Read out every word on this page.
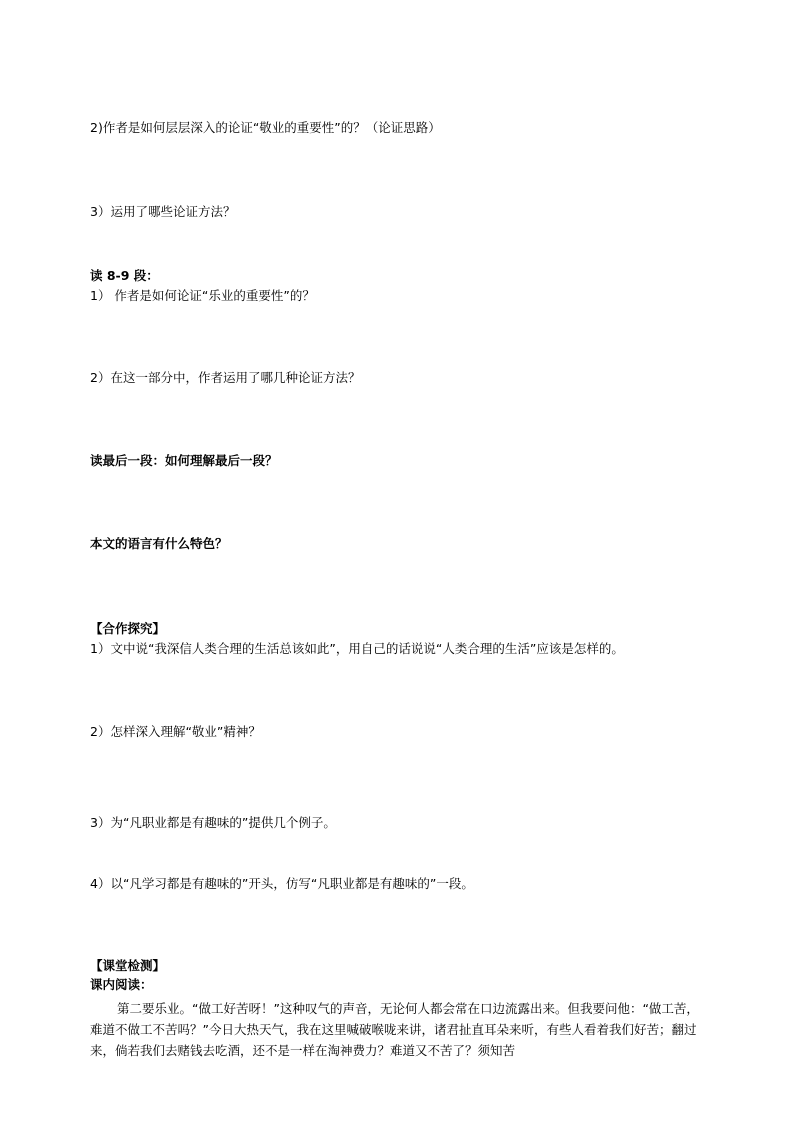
2)作者是如何层层深入的论证“敬业的重要性”的？（论证思路）
3）运用了哪些论证方法？
读 8-9 段：
1） 作者是如何论证“乐业的重要性”的？
2）在这一部分中，作者运用了哪几种论证方法？
读最后一段：如何理解最后一段？
本文的语言有什么特色？
【合作探究】
1）文中说“我深信人类合理的生活总该如此”，用自己的话说说“人类合理的生活”应该是怎样的。
2）怎样深入理解“敬业”精神？
3）为“凡职业都是有趣味的”提供几个例子。
4）以“凡学习都是有趣味的”开头，仿写“凡职业都是有趣味的”一段。
【课堂检测】
课内阅读：
第二要乐业。“做工好苦呀！”这种叹气的声音，无论何人都会常在口边流露出来。但我要问他：“做工苦，难道不做工不苦吗？”今日大热天气，我在这里喊破喉咙来讲，诸君扯直耳朵来听，有些人看着我们好苦；翻过来，倘若我们去赌钱去吃酒，还不是一样在淘神费力？难道又不苦了？须知苦
